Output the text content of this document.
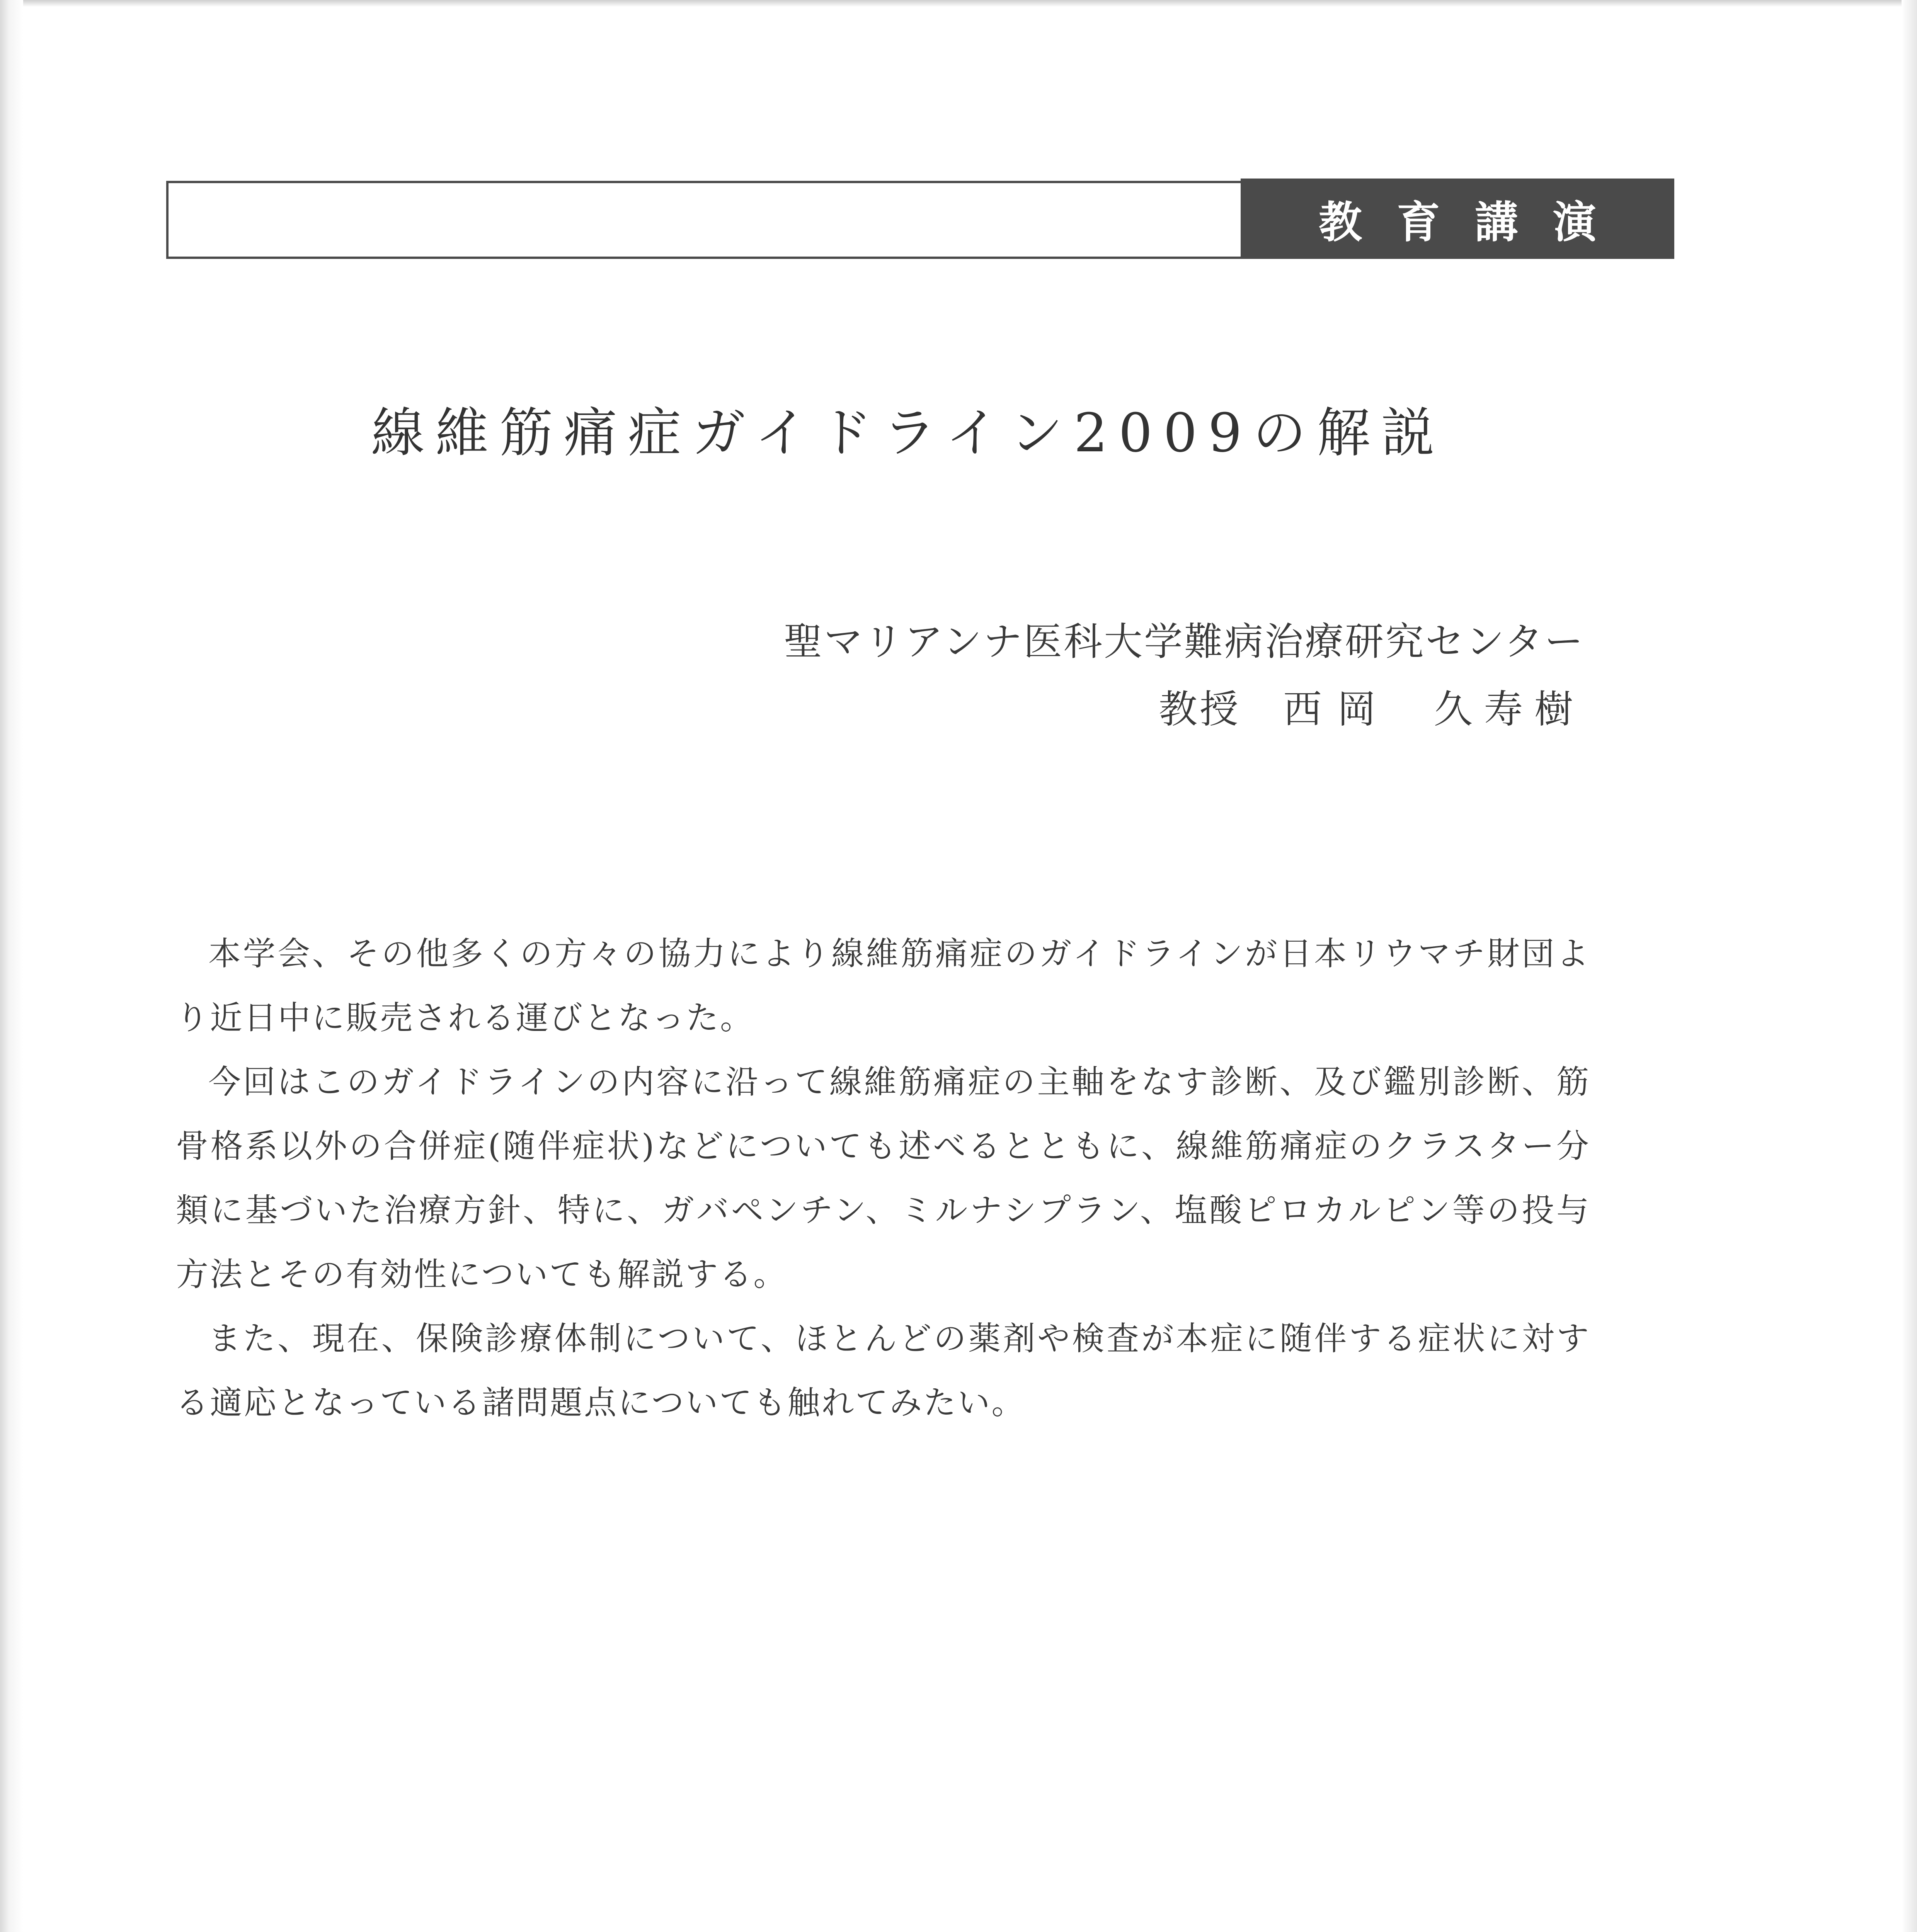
教育講演
線維筋痛症ガイドライン2009の解説
聖マリアンナ医科大学難病治療研究センター
教授 西岡 久寿樹

本学会、その他多くの方々の協力により線維筋痛症のガイドラインが日本リウマチ財団より近日中に販売される運びとなった。

今回はこのガイドラインの内容に沿って線維筋痛症の主軸をなす診断、及び鑑別診断、筋骨格系以外の合併症(随伴症状)などについても述べるとともに、線維筋痛症のクラスター分類に基づいた治療方針、特に、ガバペンチン、ミルナシプラン、塩酸ピロカルピン等の投与方法とその有効性についても解説する。

また、現在、保険診療体制について、ほとんどの薬剤や検査が本症に随伴する症状に対する適応となっている諸問題点についても触れてみたい。
